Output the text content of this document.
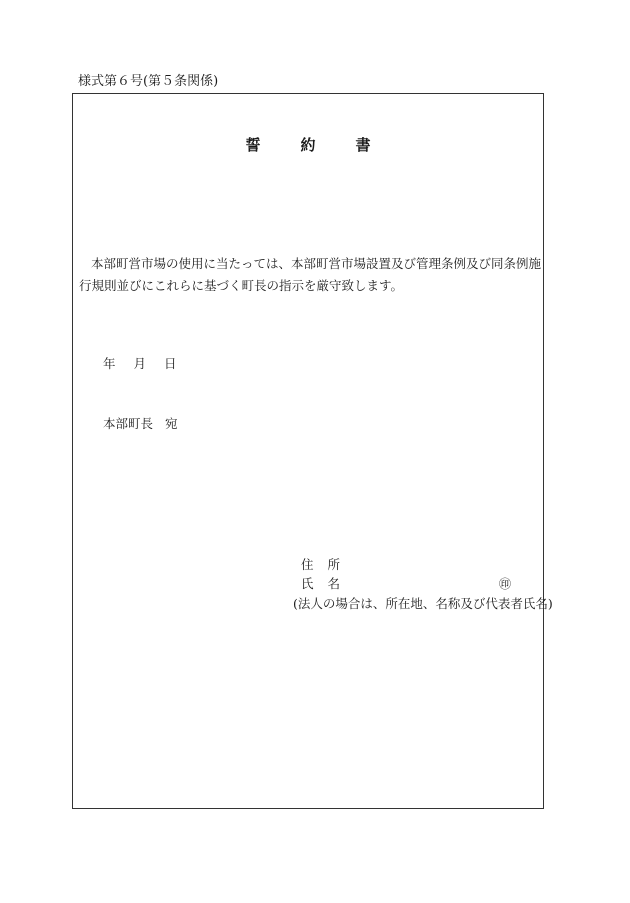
様式第６号(第５条関係)
誓	約	書
本部町営市場の使用に当たっては、本部町営市場設置及び管理条例及び同条例施行規則並びにこれらに基づく町長の指示を厳守致します。
年 月 日
本部町長 宛
住 所
氏 名	㊞
(法人の場合は、所在地、名称及び代表者氏名)
